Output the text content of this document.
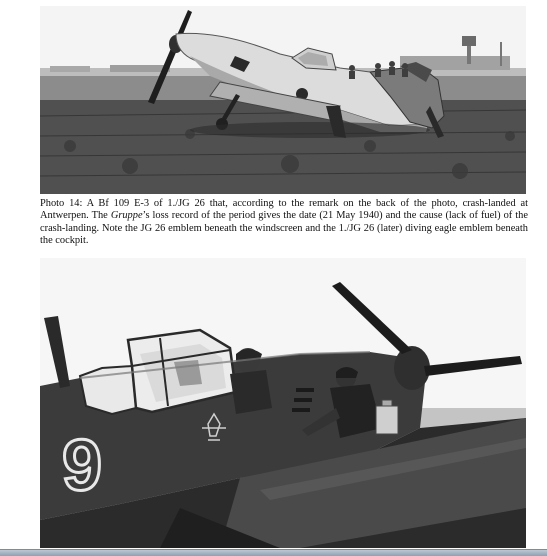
Photo 14: A Bf 109 E-3 of 1./JG 26 that, according to the remark on the back of the photo, crash-landed at Antwerpen. The Gruppe’s loss record of the period gives the date (21 May 1940) and the cause (lack of fuel) of the crash-landing. Note the JG 26 emblem beneath the windscreen and the 1./JG 26 (later) diving eagle emblem beneath the cockpit.

9
